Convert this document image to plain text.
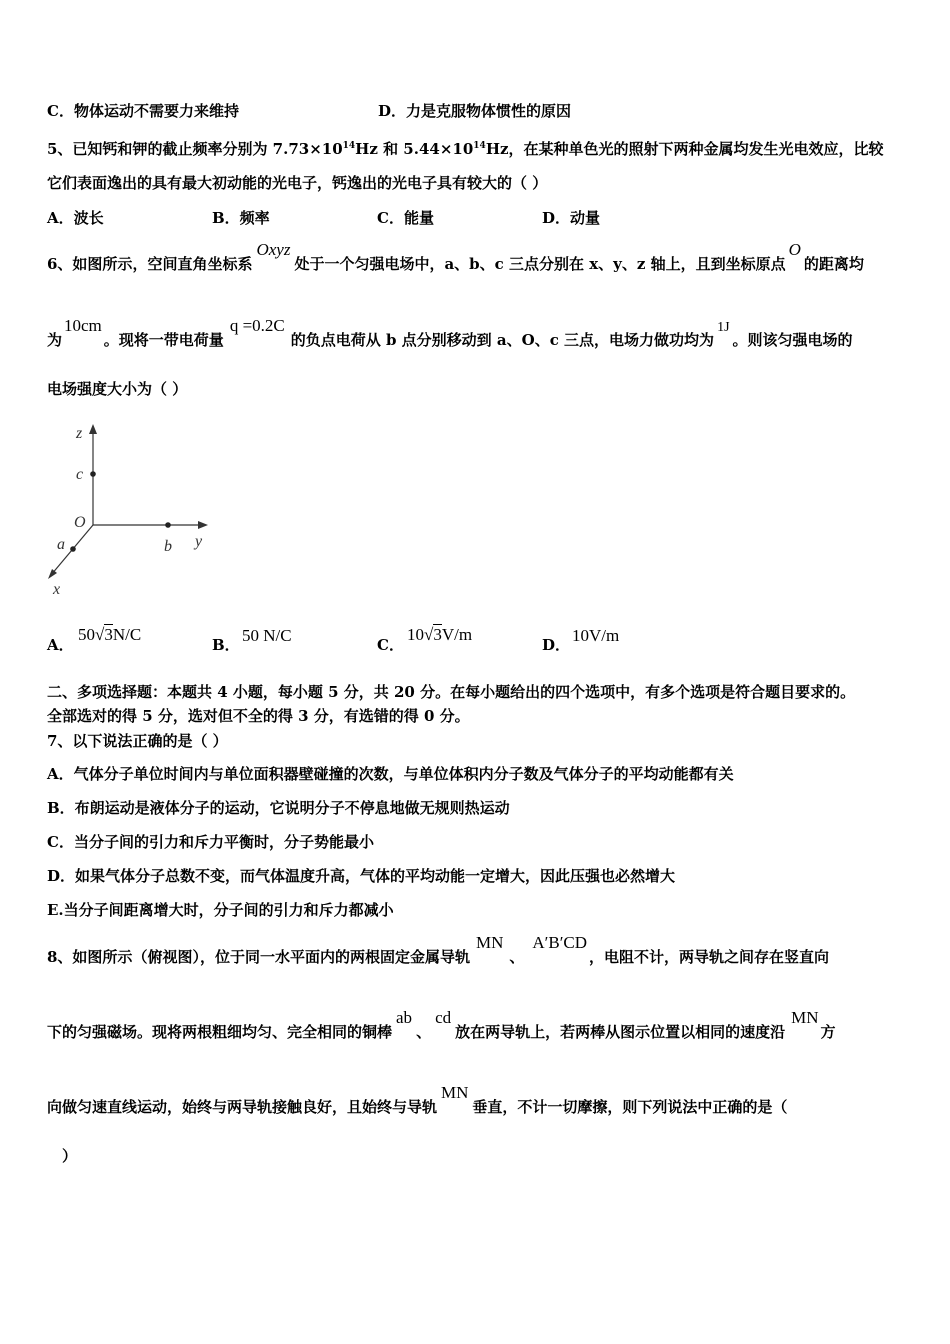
C．物体运动不需要力来维持	D．力是克服物体惯性的原因
5、已知钙和钾的截止频率分别为 $7.73\times 10^{14}Hz$ 和 $5.44\times 10^{14}Hz$，在某种单色光的照射下两种金属均发生光电效应，比较
它们表面逸出的具有最大初动能的光电子，钙逸出的光电子具有较大的（ ）
A．波长	B．频率	C．能量	D．动量
6、如图所示，空间直角坐标系Oxyz处于一个匀强电场中，a、b、c 三点分别在 x、y、z 轴上，且到坐标原点O的距离均
为10cm。现将一带电荷量q =0.2C的负点电荷从 b 点分别移动到 a、O、c 三点，电场力做功均为1J。则该匀强电场的
电场强度大小为（ ）
z
c
O
a	b y
x
A．
50√3N/C
B． 50 N/C	C．
10√3V/m
D． 10V/m
二、多项选择题：本题共 4 小题，每小题 5 分，共 20 分。在每小题给出的四个选项中，有多个选项是符合题目要求的。
全部选对的得 5 分，选对但不全的得 3 分，有选错的得 0 分。
7、以下说法正确的是（ ）
A．气体分子单位时间内与单位面积器壁碰撞的次数，与单位体积内分子数及气体分子的平均动能都有关
B．布朗运动是液体分子的运动，它说明分子不停息地做无规则热运动
C．当分子间的引力和斥力平衡时，分子势能最小
D．如果气体分子总数不变，而气体温度升高，气体的平均动能一定增大，因此压强也必然增大
E.当分子间距离增大时，分子间的引力和斥力都减小
8、如图所示（俯视图），位于同一水平面内的两根固定金属导轨MN、A′B′CD，电阻不计，两导轨之间存在竖直向
下的匀强磁场。现将两根粗细均匀、完全相同的铜棒ab、cd放在两导轨上，若两棒从图示位置以相同的速度沿MN方
向做匀速直线运动，始终与两导轨接触良好，且始终与导轨MN垂直，不计一切摩擦，则下列说法中正确的是（
）
